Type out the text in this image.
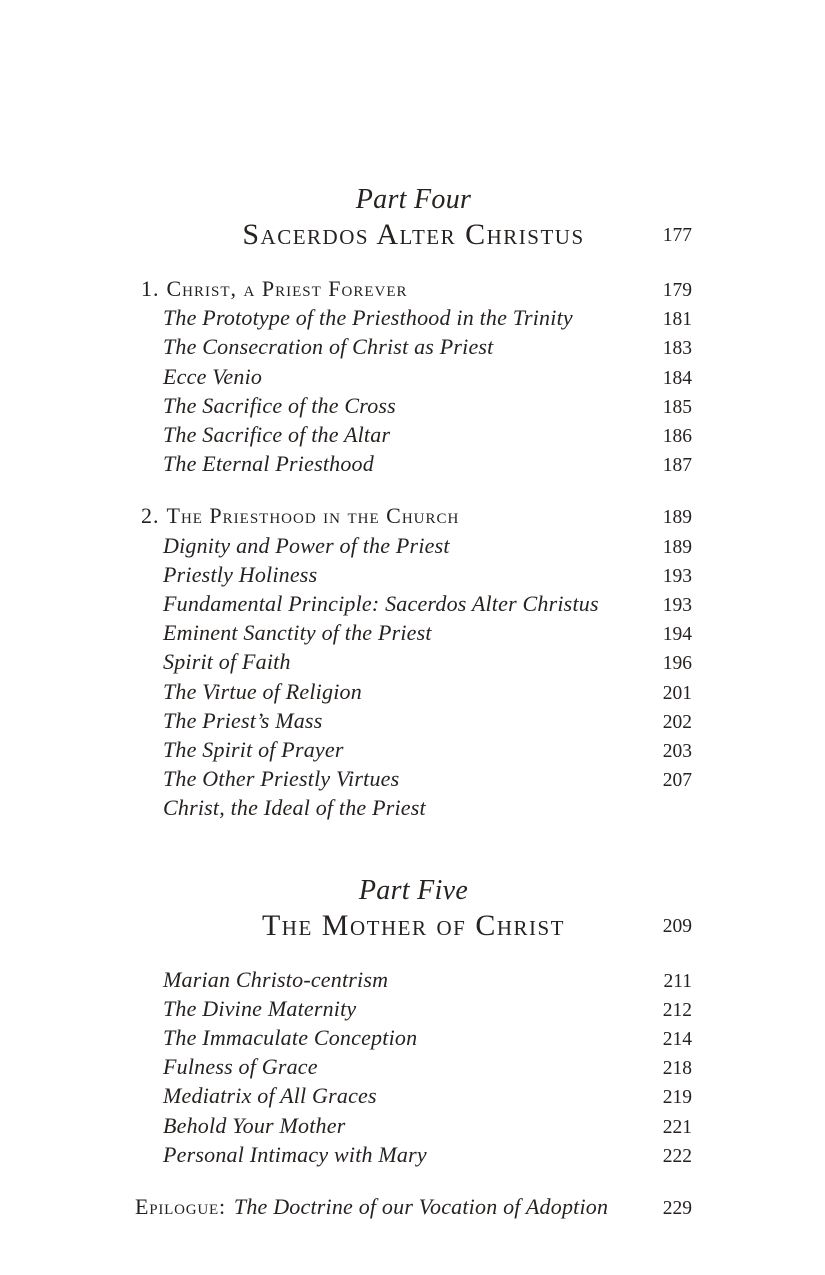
Part Four
Sacerdos Alter Christus	177
1. Christ, a Priest Forever	179
The Prototype of the Priesthood in the Trinity	181
The Consecration of Christ as Priest	183
Ecce Venio	184
The Sacrifice of the Cross	185
The Sacrifice of the Altar	186
The Eternal Priesthood	187
2. The Priesthood in the Church	189
Dignity and Power of the Priest	189
Priestly Holiness	193
Fundamental Principle: Sacerdos Alter Christus	193
Eminent Sanctity of the Priest	194
Spirit of Faith	196
The Virtue of Religion	201
The Priest’s Mass	202
The Spirit of Prayer	203
The Other Priestly Virtues	207
Christ, the Ideal of the Priest
Part Five
The Mother of Christ	209
Marian Christo-centrism	211
The Divine Maternity	212
The Immaculate Conception	214
Fulness of Grace	218
Mediatrix of All Graces	219
Behold Your Mother	221
Personal Intimacy with Mary	222
Epilogue: The Doctrine of our Vocation of Adoption	229
